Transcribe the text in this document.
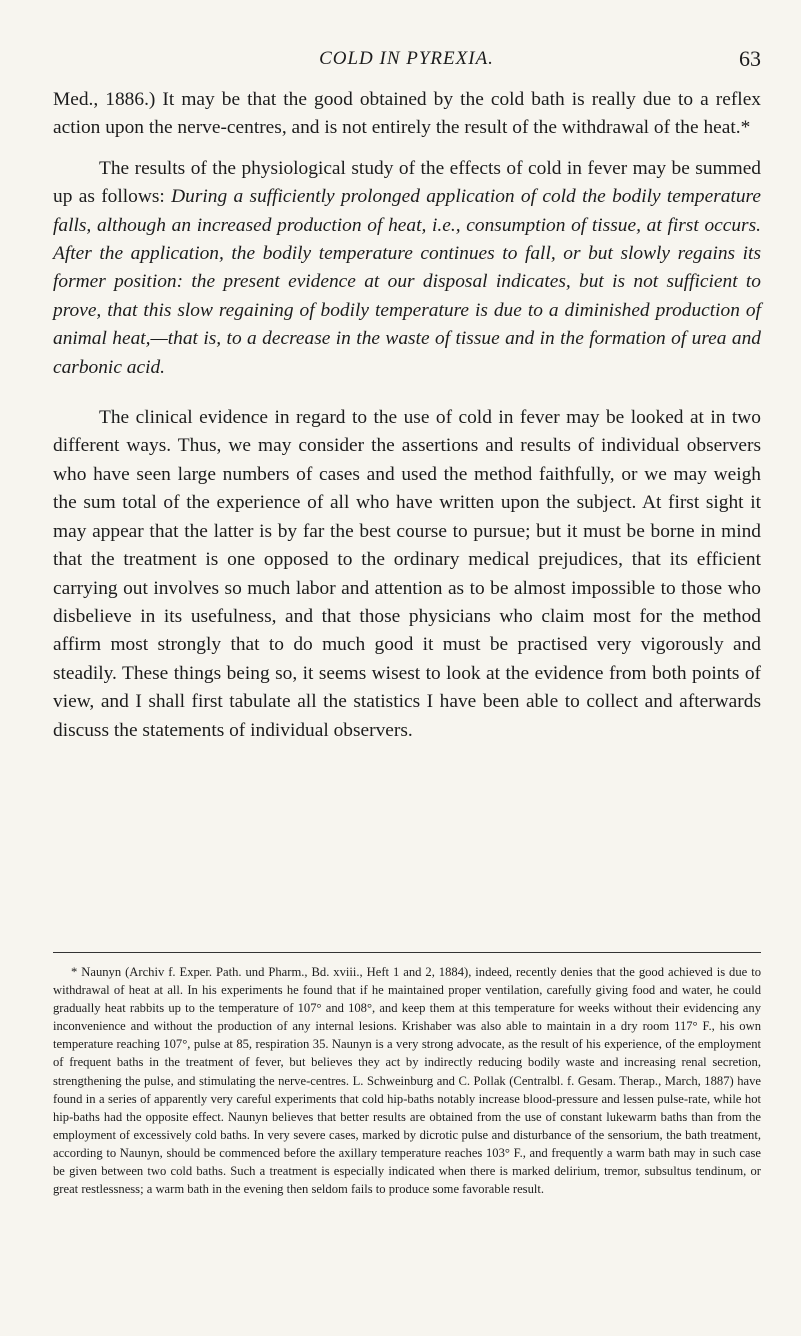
COLD IN PYREXIA.	63

Med., 1886.) It may be that the good obtained by the cold bath is really due to a reflex action upon the nerve-centres, and is not entirely the result of the withdrawal of the heat.*

The results of the physiological study of the effects of cold in fever may be summed up as follows: During a sufficiently prolonged application of cold the bodily temperature falls, although an increased production of heat, i.e., consumption of tissue, at first occurs. After the application, the bodily temperature continues to fall, or but slowly regains its former position: the present evidence at our disposal indicates, but is not sufficient to prove, that this slow regaining of bodily temperature is due to a diminished production of animal heat,—that is, to a decrease in the waste of tissue and in the formation of urea and carbonic acid.

The clinical evidence in regard to the use of cold in fever may be looked at in two different ways. Thus, we may consider the assertions and results of individual observers who have seen large numbers of cases and used the method faithfully, or we may weigh the sum total of the experience of all who have written upon the subject. At first sight it may appear that the latter is by far the best course to pursue; but it must be borne in mind that the treatment is one opposed to the ordinary medical prejudices, that its efficient carrying out involves so much labor and attention as to be almost impossible to those who disbelieve in its usefulness, and that those physicians who claim most for the method affirm most strongly that to do much good it must be practised very vigorously and steadily. These things being so, it seems wisest to look at the evidence from both points of view, and I shall first tabulate all the statistics I have been able to collect and afterwards discuss the statements of individual observers.

* Naunyn (Archiv f. Exper. Path. und Pharm., Bd. xviii., Heft 1 and 2, 1884), indeed, recently denies that the good achieved is due to withdrawal of heat at all. In his experiments he found that if he maintained proper ventilation, carefully giving food and water, he could gradually heat rabbits up to the temperature of 107° and 108°, and keep them at this temperature for weeks without their evidencing any inconvenience and without the production of any internal lesions. Krishaber was also able to maintain in a dry room 117° F., his own temperature reaching 107°, pulse at 85, respiration 35. Naunyn is a very strong advocate, as the result of his experience, of the employment of frequent baths in the treatment of fever, but believes they act by indirectly reducing bodily waste and increasing renal secretion, strengthening the pulse, and stimulating the nerve-centres. L. Schweinburg and C. Pollak (Centralbl. f. Gesam. Therap., March, 1887) have found in a series of apparently very careful experiments that cold hip-baths notably increase blood-pressure and lessen pulse-rate, while hot hip-baths had the opposite effect. Naunyn believes that better results are obtained from the use of constant lukewarm baths than from the employment of excessively cold baths. In very severe cases, marked by dicrotic pulse and disturbance of the sensorium, the bath treatment, according to Naunyn, should be commenced before the axillary temperature reaches 103° F., and frequently a warm bath may in such case be given between two cold baths. Such a treatment is especially indicated when there is marked delirium, tremor, subsultus tendinum, or great restlessness; a warm bath in the evening then seldom fails to produce some favorable result.
